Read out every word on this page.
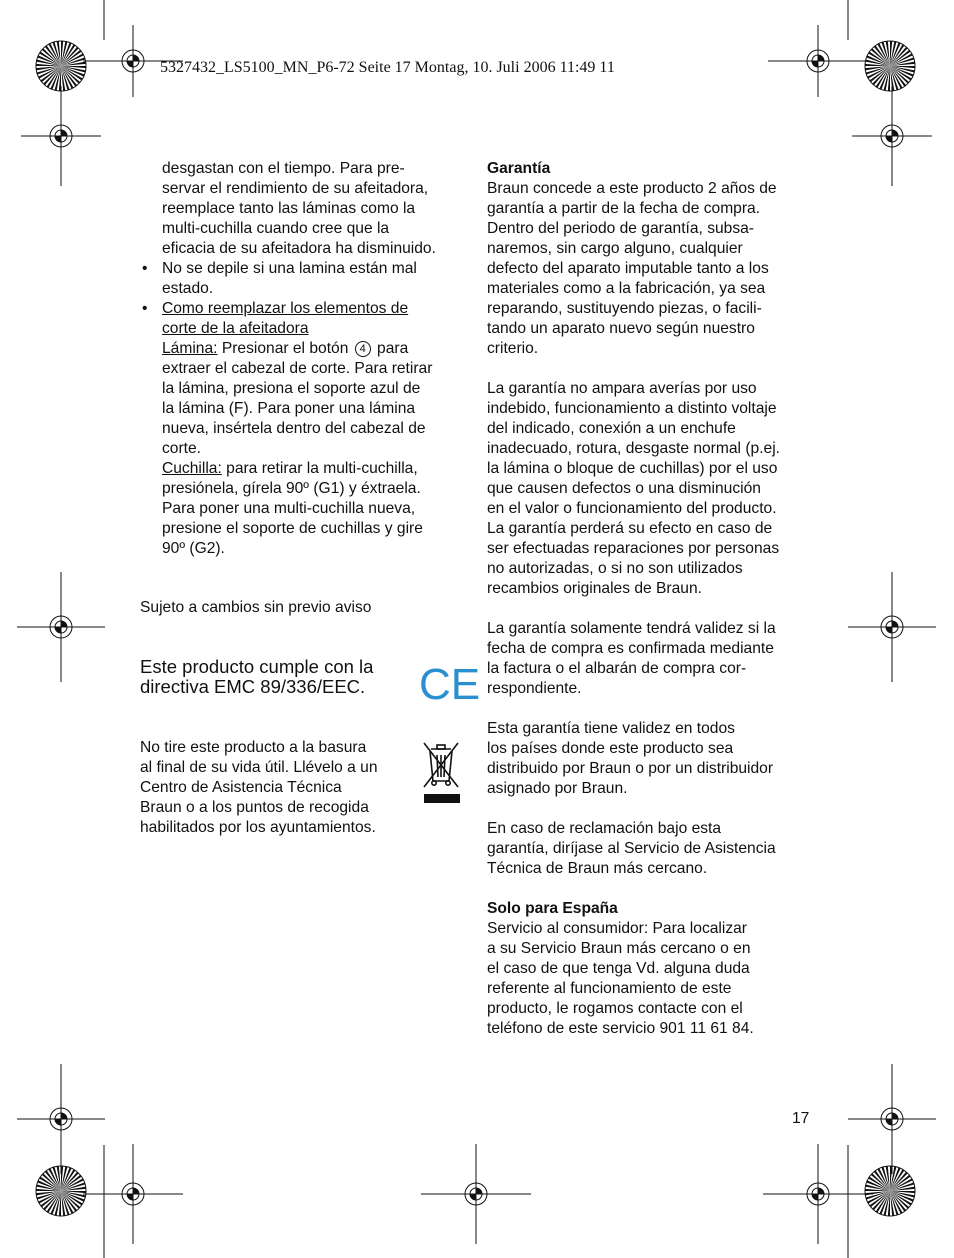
5327432_LS5100_MN_P6-72 Seite 17 Montag, 10. Juli 2006 11:49 11
desgastan con el tiempo. Para pre-
servar el rendimiento de su afeitadora,
reemplace tanto las láminas como la
multi-cuchilla cuando cree que la
eficacia de su afeitadora ha disminuido.
• No se depile si una lamina están mal
estado.
• Como reemplazar los elementos de
corte de la afeitadora
Lámina: Presionar el botón 4 para
extraer el cabezal de corte. Para retirar
la lámina, presiona el soporte azul de
la lámina (F). Para poner una lámina
nueva, insértela dentro del cabezal de
corte.
Cuchilla: para retirar la multi-cuchilla,
presiónela, gírela 90º (G1) y éxtraela.
Para poner una multi-cuchilla nueva,
presione el soporte de cuchillas y gire
90º (G2).
Sujeto a cambios sin previo aviso
Este producto cumple con la
directiva EMC 89/336/EEC.	CE
No tire este producto a la basura
al final de su vida útil. Llévelo a un
Centro de Asistencia Técnica
Braun o a los puntos de recogida
habilitados por los ayuntamientos.
Garantía
Braun concede a este producto 2 años de
garantía a partir de la fecha de compra.
Dentro del periodo de garantía, subsa-
naremos, sin cargo alguno, cualquier
defecto del aparato imputable tanto a los
materiales como a la fabricación, ya sea
reparando, sustituyendo piezas, o facili-
tando un aparato nuevo según nuestro
criterio.
La garantía no ampara averías por uso
indebido, funcionamiento a distinto voltaje
del indicado, conexión a un enchufe
inadecuado, rotura, desgaste normal (p.ej.
la lámina o bloque de cuchillas) por el uso
que causen defectos o una disminución
en el valor o funcionamiento del producto.
La garantía perderá su efecto en caso de
ser efectuadas reparaciones por personas
no autorizadas, o si no son utilizados
recambios originales de Braun.
La garantía solamente tendrá validez si la
fecha de compra es confirmada mediante
la factura o el albarán de compra cor-
respondiente.
Esta garantía tiene validez en todos
los países donde este producto sea
distribuido por Braun o por un distribuidor
asignado por Braun.
En caso de reclamación bajo esta
garantía, diríjase al Servicio de Asistencia
Técnica de Braun más cercano.
Solo para España
Servicio al consumidor: Para localizar
a su Servicio Braun más cercano o en
el caso de que tenga Vd. alguna duda
referente al funcionamiento de este
producto, le rogamos contacte con el
teléfono de este servicio 901 11 61 84.
17
